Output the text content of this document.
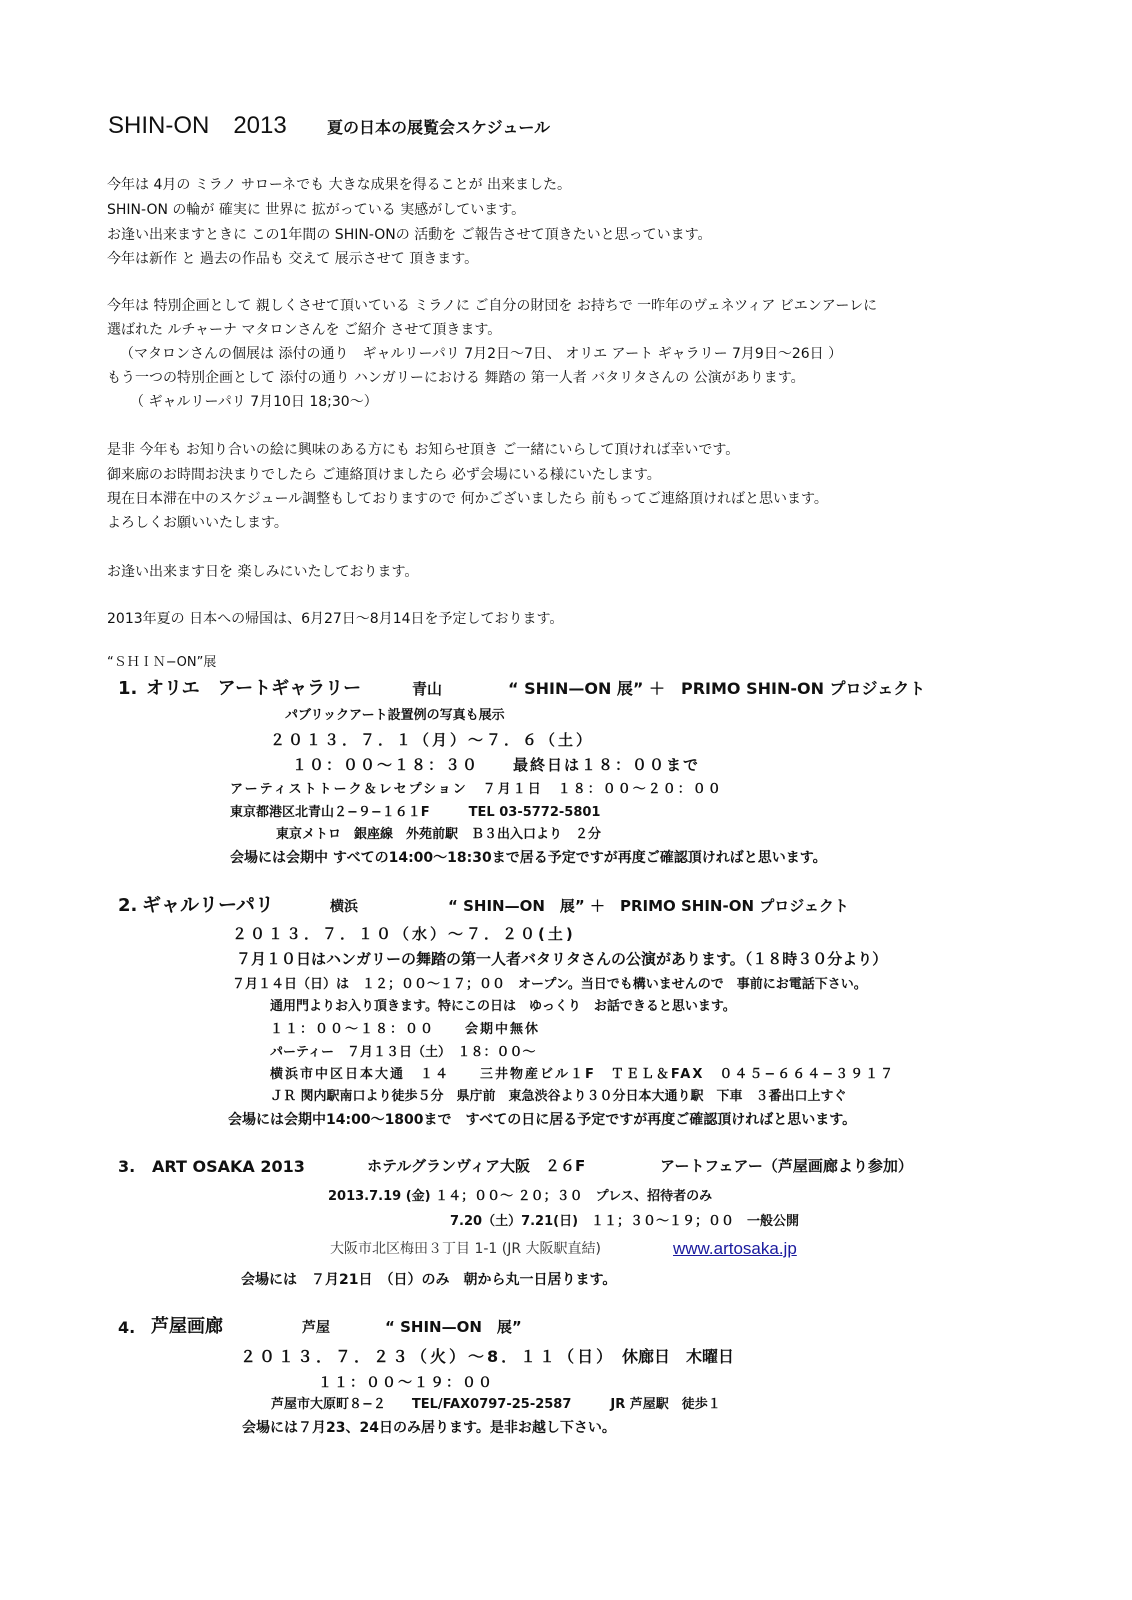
SHIN-ON　2013	夏の日本の展覧会スケジュール
今年は 4月の ミラノ サローネでも 大きな成果を得ることが 出来ました。
SHIN-ON の輪が 確実に 世界に 拡がっている 実感がしています。
お逢い出来ますときに この1年間の SHIN-ONの 活動を ご報告させて頂きたいと思っています。
今年は新作 と 過去の作品も 交えて 展示させて 頂きます。
今年は 特別企画として 親しくさせて頂いている ミラノに ご自分の財団を お持ちで 一昨年のヴェネツィア ビエンアーレに
選ばれた ルチャーナ マタロンさんを ご紹介 させて頂きます。
（マタロンさんの個展は 添付の通り　ギャルリーパリ 7月2日～7日、 オリエ アート ギャラリー 7月9日～26日 ）
もう一つの特別企画として 添付の通り ハンガリーにおける 舞踏の 第一人者 バタリタさんの 公演があります。
（ ギャルリーパリ 7月10日 18;30～）
是非 今年も お知り合いの絵に興味のある方にも お知らせ頂き ご一緒にいらして頂ければ幸いです。
御来廊のお時間お決まりでしたら ご連絡頂けましたら 必ず会場にいる様にいたします。
現在日本滞在中のスケジュール調整もしておりますので 何かございましたら 前もってご連絡頂ければと思います。
よろしくお願いいたします。
お逢い出来ます日を 楽しみにいたしております。
2013年夏の 日本への帰国は、6月27日～8月14日を予定しております。
“ＳＨＩＮ−ON”展
1. オリエ　アートギャラリー	青山	“ SHIN—ON 展” ＋　PRIMO SHIN-ON プロジェクト
パブリックアート設置例の写真も展示
２０１３．７．１（月）～７．６（土）
１０：００～１８：３０　　最終日は１８：００まで
アーティストトーク＆レセプション　７月１日　１８：００～２０：００
東京都港区北青山２−９−１６１F　　　TEL 03-5772-5801
東京メトロ　銀座線　外苑前駅　Ｂ３出入口より　２分
会場には会期中 すべての14:00～18:30まで居る予定ですが再度ご確認頂ければと思います。
2. ギャルリーパリ	横浜	“ SHIN—ON　展” ＋　PRIMO SHIN-ON プロジェクト
２０１３．７．１０（水）～７．２０(土)
７月１０日はハンガリーの舞踏の第一人者バタリタさんの公演があります。（１８時３０分より）
７月１４日（日）は　１２；００～１７；００　オープン。当日でも構いませんので　事前にお電話下さい。
通用門よりお入り頂きます。特にこの日は　ゆっくり　お話できると思います。
１１：００～１８：００　　会期中無休
パーティー　７月１３日（土）　１８：００～
横浜市中区日本大通　１４　　三井物産ビル１F　ＴＥＬ＆FAX　０４５−６６４−３９１７
ＪＲ 関内駅南口より徒歩５分　県庁前　東急渋谷より３０分日本大通り駅　下車　３番出口上すぐ
会場には会期中14:00～1800まで　すべての日に居る予定ですが再度ご確認頂ければと思います。
3. ART OSAKA 2013	ホテルグランヴィア大阪　２６F	アートフェアー（芦屋画廊より参加）
2013.7.19 (金) １４；００～ ２０；３０　プレス、招待者のみ
7.20（土）7.21(日)　１１；３０～１９；００　一般公開
大阪市北区梅田３丁目 1-1 (JR 大阪駅直結)	www.artosaka.jp
会場には　７月21日　（日）のみ　朝から丸一日居ります。
4. 芦屋画廊	芦屋	“ SHIN—ON　展”
２０１３．７．２３（火）～8．１１（日） 休廊日　木曜日
１１：００～１９：００
芦屋市大原町８−２　　TEL/FAX0797-25-2587　　　JR 芦屋駅　徒歩１
会場には７月23、24日のみ居ります。是非お越し下さい。
